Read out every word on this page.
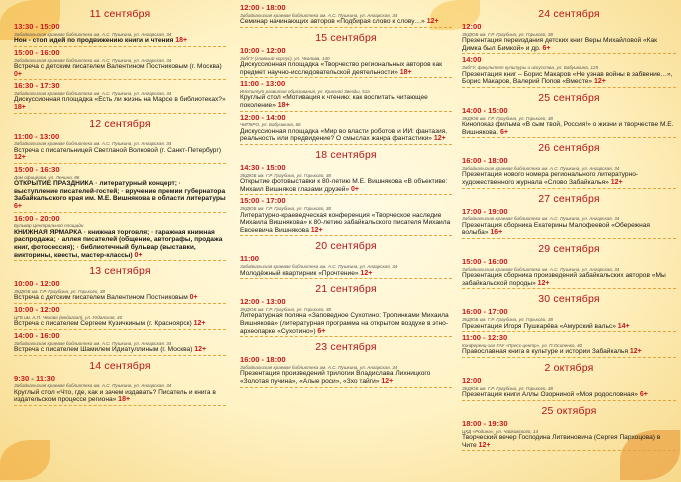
11 сентября
13:30 - 15:00
Забайкальская краевая библиотека им. А.С. Пушкина, ул. Ангарская, 34
Нон - стоп идей по продвижению книги и чтения 18+
15:00 - 16:00
Забайкальская краевая библиотека им. А.С. Пушкина, ул. Ангарская, 34
Встреча с детским писателем Валентином Постниковым (г. Москва) 0+
16:30 - 17:30
Забайкальская краевая библиотека им. А.С. Пушкина, ул. Ангарская, 34
Дискуссионная площадка «Есть ли жизнь на Марсе в библиотеках?» 18+
12 сентября
11:00 - 13:00
Забайкальская краевая библиотека им. А.С. Пушкина, ул. Ангарская, 34
Встреча с писательницей Светланой Волковой (г. Санкт-Петербург) 12+
15:00 - 16:30
Дом офицеров, ул. Ленина, 86
ОТКРЫТИЕ ПРАЗДНИКА · литературный концерт; · выступление писателей-гостей; · вручение премии губернатора Забайкальского края им. М.Е. Вишнякова в области литературы 6+
16:00 - 20:00
Бульвар Центральной площади
КНИЖНАЯ ЯРМАРКА · книжная торговля; · гаражная книжная распродажа; · аллея писателей (общение, автографы, продажа книг, фотосессия); · библиотечный бульвар (выставки, викторины, квесты, мастер-классы) 0+
13 сентября
10:00 - 12:00
ЗКДЮБ им. Г.Р. Граубина, ул. Горького, 38
Встреча с детским писателем Валентином Постниковым 0+
10:00 - 12:00
ЦГБ им. А.П. Чехова (медиазал), ул. Угданская, 40
Встреча с писателем Сергеем Кузичкиным (г. Красноярск) 12+
14:00 - 16:00
Забайкальская краевая библиотека им. А.С. Пушкина, ул. Ангарская, 34
Встреча с писателем Шамилем Идиатуллиным (г. Москва) 12+
14 сентября
9:30 - 11:30
Забайкальская краевая библиотека им. А.С. Пушкина, ул. Ангарская, 34
Круглый стол «Что, где, как и зачем издавать? Писатель и книга в издательском процессе региона» 18+
12:00 - 18:00
Забайкальская краевая библиотека им. А.С. Пушкина, ул. Ангарская, 34
Семинар начинающих авторов «Подбирая слово к слову…» 12+
15 сентября
10:00 - 12:00
ЗабГУ (главный корпус), ул. Чкалова, 140
Дискуссионная площадка «Творчество региональных авторов как предмет научно-исследовательской деятельности» 18+
11:00 - 13:00
Институт развития образования, ул. Красной Звезды, 51а
Круглый стол «Мотивация к чтению: как воспитать читающее поколение» 18+
12:00 - 14:00
ЧИПКРО, ул. Бабушкина, 66
Дискуссионная площадка «Мир во власти роботов и ИИ: фантазия, реальность или предвидение? О смыслах жанра фантастики» 12+
18 сентября
14:30 - 15:00
ЗКДЮБ им. Г.Р. Граубина, ул. Горького, 38
Открытие фотовыставки к 80-летию М.Е. Вишнякова «В объективе: Михаил Вишняков глазами друзей» 0+
15:00 - 17:00
ЗКДЮБ им. Г.Р. Граубина, ул. Горького, 38
Литературно-краеведческая конференция «Творческое наследие Михаила Вишнякова» к 80-летию забайкальского писателя Михаила Евсеевича Вишнякова 12+
20 сентября
11:00
Забайкальская краевая библиотека им. А.С. Пушкина, ул. Ангарская, 34
Молодёжный квартирник «Прочтение» 12+
21 сентября
12:00 - 13:00
ЗКДЮБ им. Г.Р. Граубина, ул. Горького, 38
Литературная поляна «Заповедное Сухотино: Тропинками Михаила Вишнякова» (литературная программа на открытом воздухе в этно-археопарке «Сухотино») 6+
23 сентября
16:00 - 18:00
Забайкальская краевая библиотека им. А.С. Пушкина, ул. Ангарская, 34
Презентация произведений трилогии Владислава Лихницкого «Золотая пучина», «Алые роси», «Зхо тайги» 12+
24 сентября
12:00
ЗКДЮБ им. Г.Р. Граубина, ул. Горького, 38
Презентация переиздания детских книг Веры Михайловой «Как Димка был Бимкой» и др. 6+
14:00
ЗабГУ, факультет культуры и искусства, ул. Бабушкина, 125
Презентация книг – Борис Макаров «Не узнав войны в забвение…», Борис Макаров, Валерий Попов «Вместе» 12+
25 сентября
14:00 - 15:00
ЗКДЮБ им. Г.Р. Граубина, ул. Горького, 38
Кинопоказ фильма «В сым твой, Россия!» о жизни и творчестве М.Е. Вишнякова. 6+
26 сентября
16:00 - 18:00
Забайкальская краевая библиотека им. А.С. Пушкина, ул. Ангарская, 34
Презентация нового номера регионального литературно-художественного журнала «Слово Забайкалья» 12+
27 сентября
17:00 - 19:00
Забайкальская краевая библиотека им. А.С. Пушкина, ул. Ангарская, 34
Презентация сборника Екатерины Малофеевой «Обережная волыба» 16+
29 сентября
15:00 - 16:00
Забайкальская краевая библиотека им. А.С. Пушкина, ул. Ангарская, 34
Презентация сборника произведений забайкальских авторов «Мы забайкальской породы» 12+
30 сентября
16:00 - 17:00
ЗКДЮБ им. Г.Р. Граубина, ул. Горького, 38
Презентация Игоря Пушкарёва «Амурский вальс» 14+
11:00 - 12:30
Конференц-зал ГАУ «Пресс-центр», ул. П.Осипенко, 40
Православная книга в культуре и истории Забайкалья 12+
2 октября
12:00
ЗКДЮБ им. Г.Р. Граубина, ул. Горького, 38
Презентация книги Аллы Озорниной «Моя родословная» 6+
25 октября
18:00 - 19:30
ЦКД «Родина», ул. Чайковского, 14
Творческий вечер Господина Литвиновича (Сергея Пархоцова) в Чите 12+
